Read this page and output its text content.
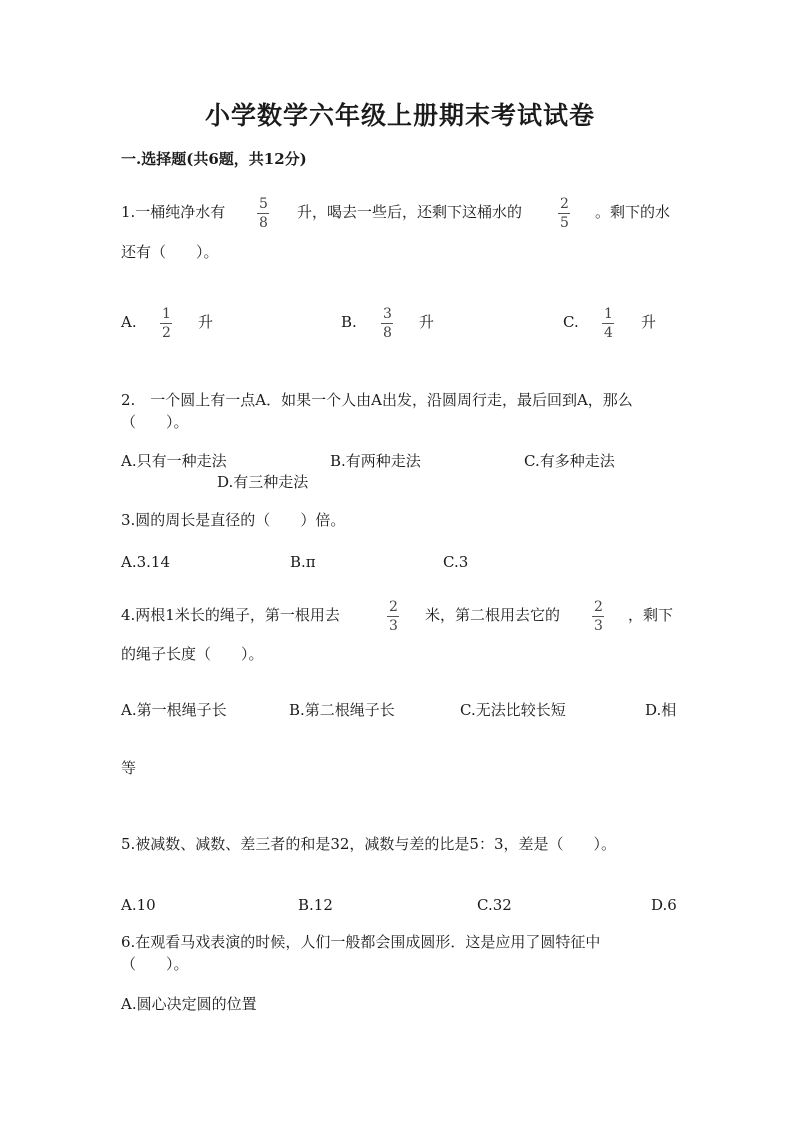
小学数学六年级上册期末考试试卷
一.选择题(共6题，共12分)
1.一桶纯净水有 5
8
升，喝去一些后，还剩下这桶水的	2
5
。剩下的水
还有（　　）。
A. 1
2
升	B. 3
8
升	C. 1
4
升
2.　一个圆上有一点A．如果一个人由A出发，沿圆周行走，最后回到A，那么
（　　）。
A.只有一种走法	B.有两种走法	C.有多种走法
D.有三种走法
3.圆的周长是直径的（　　）倍。
A.3.14	B.π	C.3
4.两根1米长的绳子，第一根用去	2
3
米，第二根用去它的 2
3
，剩下
的绳子长度（　　）。
A.第一根绳子长	B.第二根绳子长	C.无法比较长短	D.相
等
5.被减数、减数、差三者的和是32，减数与差的比是5：3，差是（　　）。
A.10	B.12	C.32	D.6
6.在观看马戏表演的时候，人们一般都会围成圆形．这是应用了圆特征中
（　　）。
A.圆心决定圆的位置
